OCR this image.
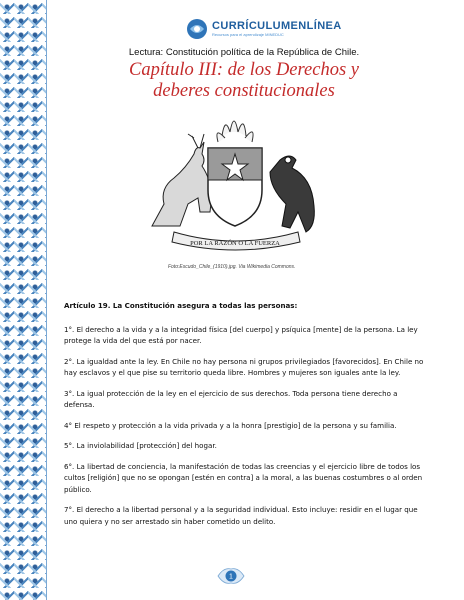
CURRÍCULUMENLÍNEA
Recursos para el aprendizaje MINEDUC
Lectura: Constitución política de la República de Chile.
Capítulo III: de los Derechos y
deberes constitucionales
POR LA RAZÓN O LA FUERZA
Foto:Escudo_Chile_(1910).jpg. Via Wikimedia Commons.

Artículo 19. La Constitución asegura a todas las personas:

1°. El derecho a la vida y a la integridad física [del cuerpo] y psíquica [mente] de la persona. La ley protege la vida del que está por nacer.

2°. La igualdad ante la ley. En Chile no hay persona ni grupos privilegiados [favorecidos]. En Chile no hay esclavos y el que pise su territorio queda libre. Hombres y mujeres son iguales ante la ley.

3°. La igual protección de la ley en el ejercicio de sus derechos. Toda persona tiene derecho a defensa.

4° El respeto y protección a la vida privada y a la honra [prestigio] de la persona y su familia.

5°. La inviolabilidad [protección] del hogar.

6°. La libertad de conciencia, la manifestación de todas las creencias y el ejercicio libre de todos los cultos [religión] que no se opongan [estén en contra] a la moral, a las buenas costumbres o al orden público.

7°. El derecho a la libertad personal y a la seguridad individual. Esto incluye: residir en el lugar que uno quiera y no ser arrestado sin haber cometido un delito.

1
